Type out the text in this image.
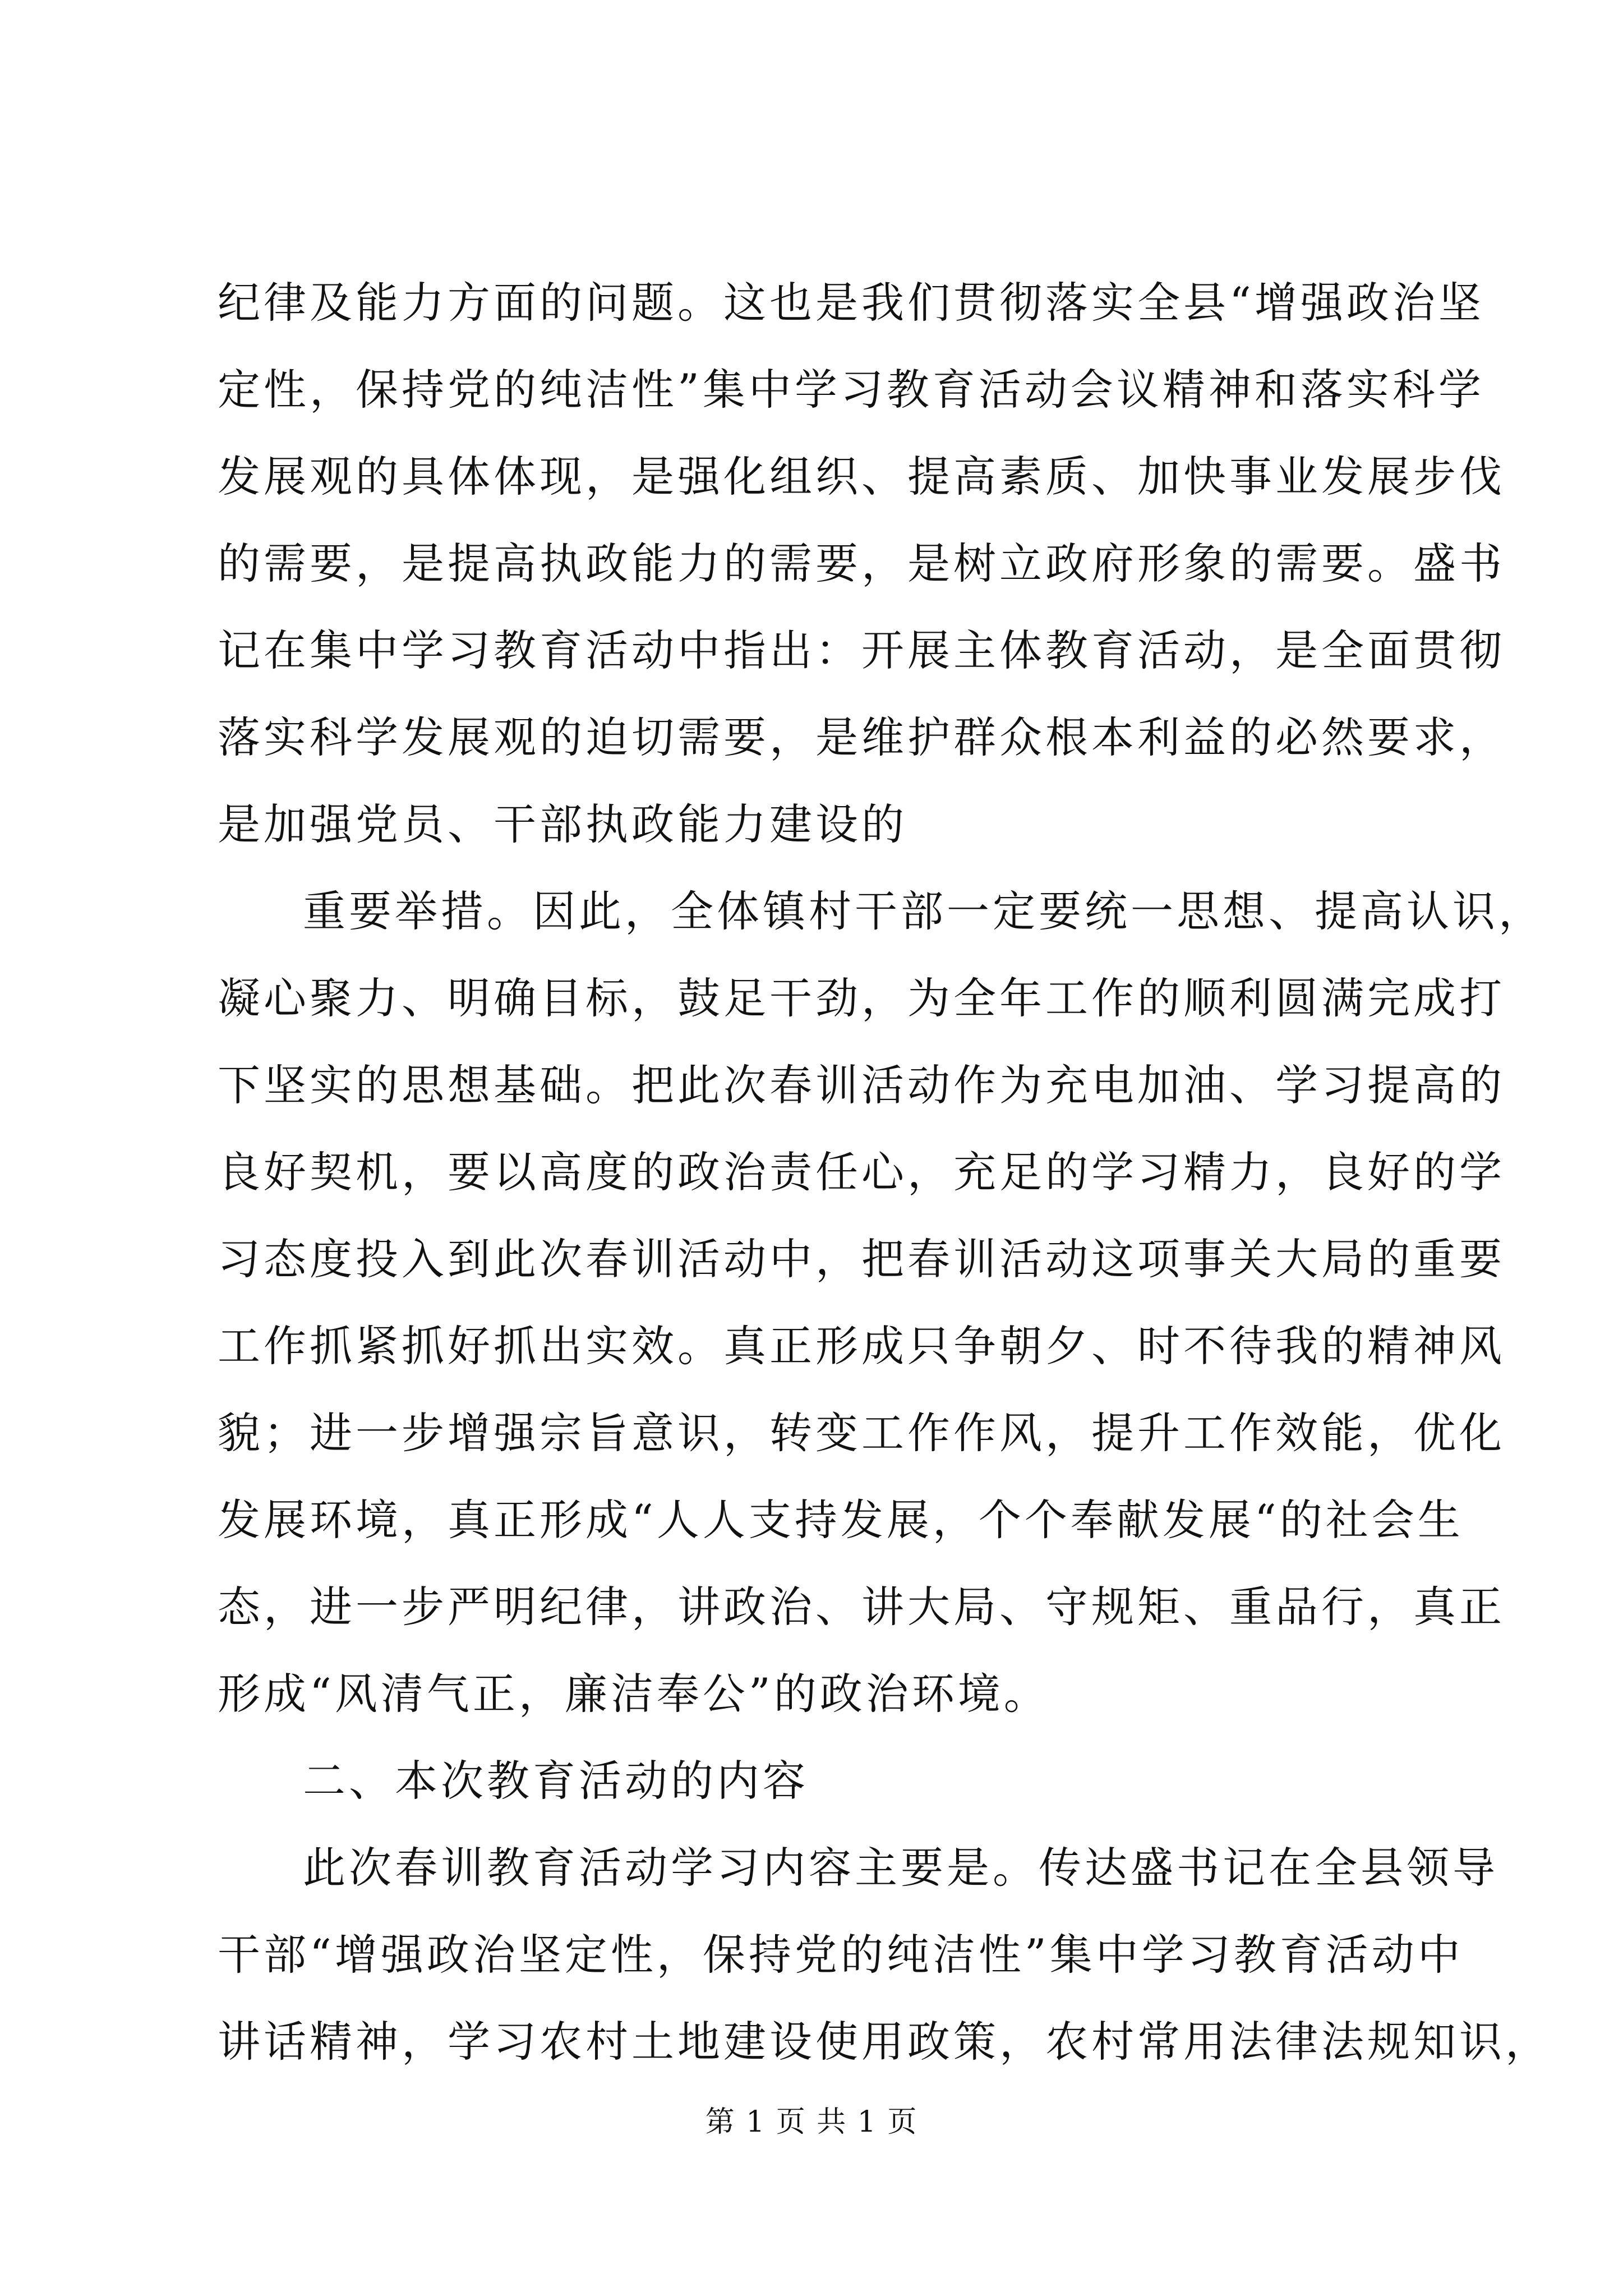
纪律及能力方面的问题。这也是我们贯彻落实全县“增强政治坚
定性，保持党的纯洁性”集中学习教育活动会议精神和落实科学
发展观的具体体现，是强化组织、提高素质、加快事业发展步伐
的需要，是提高执政能力的需要，是树立政府形象的需要。盛书
记在集中学习教育活动中指出：开展主体教育活动，是全面贯彻
落实科学发展观的迫切需要，是维护群众根本利益的必然要求，
是加强党员、干部执政能力建设的
重要举措。因此，全体镇村干部一定要统一思想、提高认识，
凝心聚力、明确目标，鼓足干劲，为全年工作的顺利圆满完成打
下坚实的思想基础。把此次春训活动作为充电加油、学习提高的
良好契机，要以高度的政治责任心，充足的学习精力，良好的学
习态度投入到此次春训活动中，把春训活动这项事关大局的重要
工作抓紧抓好抓出实效。真正形成只争朝夕、时不待我的精神风
貌；进一步增强宗旨意识，转变工作作风，提升工作效能，优化
发展环境，真正形成“人人支持发展，个个奉献发展“的社会生
态，进一步严明纪律，讲政治、讲大局、守规矩、重品行，真正
形成“风清气正，廉洁奉公”的政治环境。
二、本次教育活动的内容
此次春训教育活动学习内容主要是。传达盛书记在全县领导
干部“增强政治坚定性，保持党的纯洁性”集中学习教育活动中
讲话精神，学习农村土地建设使用政策，农村常用法律法规知识，
第 1 页 共 1 页
